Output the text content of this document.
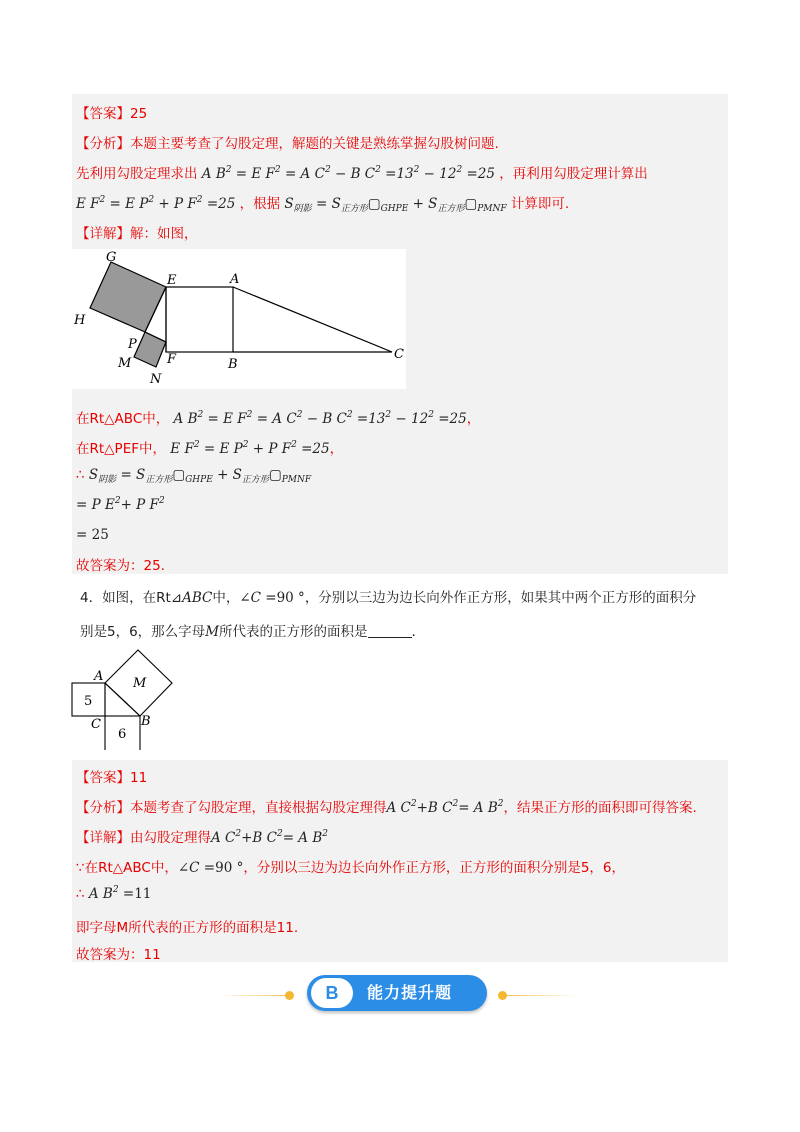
【答案】25
【分析】本题主要考查了勾股定理，解题的关键是熟练掌握勾股树问题.
先利用勾股定理求出 A $B^2 = E$ $F^2 = A$ $C^2 - B$ $C^2 =13^2 - 12^2 =25$ ，再利用勾股定理计算出
E $F^2 = E$ $P^2 + P$ $F^2 =25$ ，根据 $S_{阴影}$ = $S_{正方形}▢_{GHPE}$ + $S_{正方形}▢_{PMNF}$ 计算即可.
【详解】解：如图，
G
E	A
H
P
F
M
N
B
C
在Rt△ABC中， A $B^2 = E$ $F^2 = A$ $C^2 - B$ $C^2 =13^2 - 12^2 =25$，
在Rt△PEF中， E $F^2 = E$ $P^2 + P$ $F^2 =25$，
∴ $S_{阴影}$ = $S_{正方形}▢_{GHPE}$ + $S_{正方形}▢_{PMNF}$
= P $E^2+ P$ $F^2$
= 25
故答案为：25.
4．如图，在Rt⊿ABC中，∠C =90 °，分别以三边为边长向外作正方形，如果其中两个正方形的面积分
别是5，6，那么字母M所代表的正方形的面积是	.
A M
5
C	B
6
【答案】11
【分析】本题考查了勾股定理，直接根据勾股定理得A $C^2+B$ $C^2= A$ $B^2$，结果正方形的面积即可得答案.
【详解】由勾股定理得A $C^2+B$ $C^2= A$ $B^2$
∵在Rt△ABC中，∠C =90 °，分别以三边为边长向外作正方形，正方形的面积分别是5，6，
∴ A $B^2 =11$
即字母M所代表的正方形的面积是11.
故答案为：11
B	能力提升题
